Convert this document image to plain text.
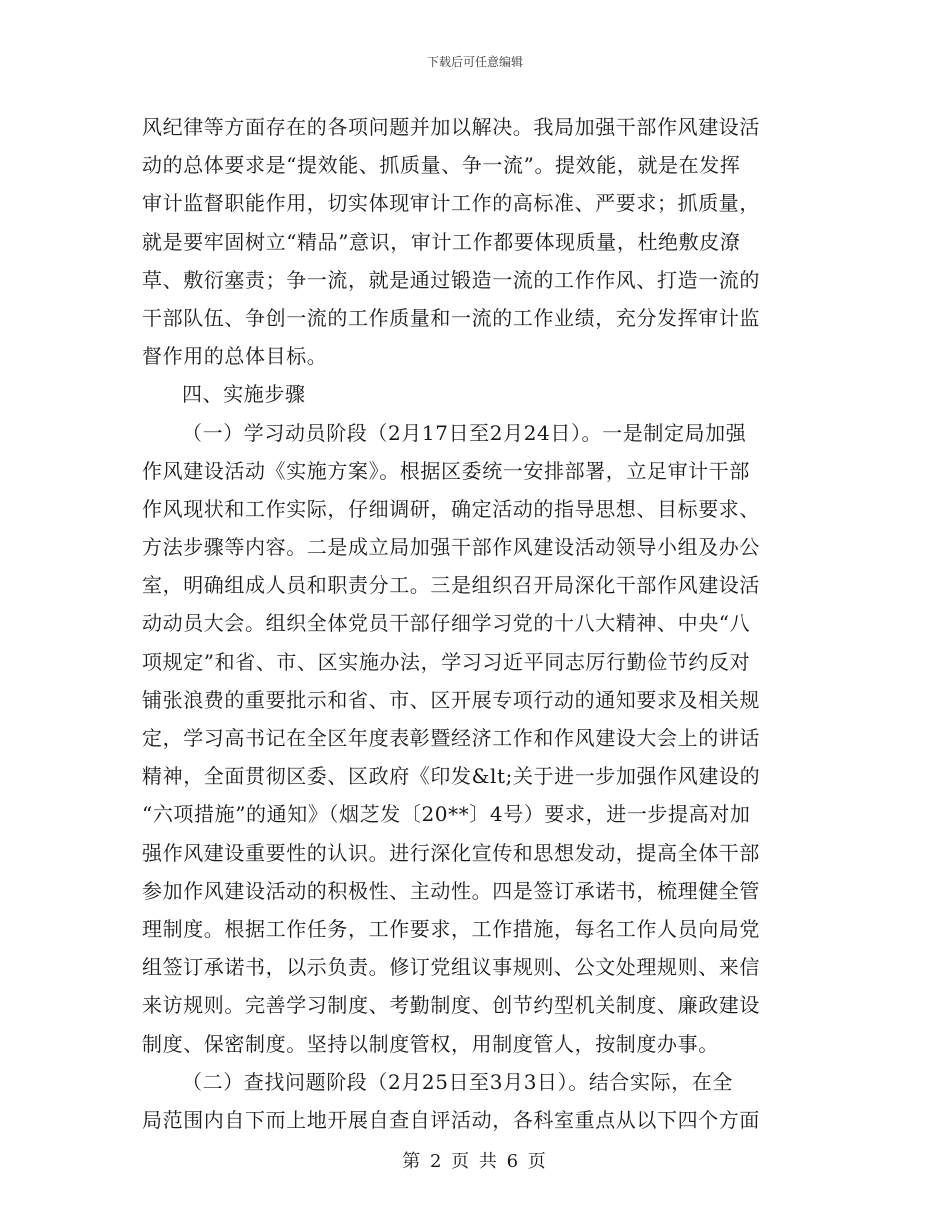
下载后可任意编辑
风纪律等方面存在的各项问题并加以解决。我局加强干部作风建设活
动的总体要求是“提效能、抓质量、争一流”。提效能，就是在发挥
审计监督职能作用，切实体现审计工作的高标准、严要求；抓质量，
就是要牢固树立“精品”意识，审计工作都要体现质量，杜绝敷皮潦
草、敷衍塞责；争一流，就是通过锻造一流的工作作风、打造一流的
干部队伍、争创一流的工作质量和一流的工作业绩，充分发挥审计监
督作用的总体目标。
四、实施步骤
（一）学习动员阶段（2月17日至2月24日）。一是制定局加强
作风建设活动《实施方案》。根据区委统一安排部署，立足审计干部
作风现状和工作实际，仔细调研，确定活动的指导思想、目标要求、
方法步骤等内容。二是成立局加强干部作风建设活动领导小组及办公
室，明确组成人员和职责分工。三是组织召开局深化干部作风建设活
动动员大会。组织全体党员干部仔细学习党的十八大精神、中央“八
项规定”和省、市、区实施办法，学习习近平同志厉行勤俭节约反对
铺张浪费的重要批示和省、市、区开展专项行动的通知要求及相关规
定，学习高书记在全区年度表彰暨经济工作和作风建设大会上的讲话
精神，全面贯彻区委、区政府《印发&lt;关于进一步加强作风建设的
“六项措施”的通知》（烟芝发〔20**〕4号）要求，进一步提高对加
强作风建设重要性的认识。进行深化宣传和思想发动，提高全体干部
参加作风建设活动的积极性、主动性。四是签订承诺书，梳理健全管
理制度。根据工作任务，工作要求，工作措施，每名工作人员向局党
组签订承诺书，以示负责。修订党组议事规则、公文处理规则、来信
来访规则。完善学习制度、考勤制度、创节约型机关制度、廉政建设
制度、保密制度。坚持以制度管权，用制度管人，按制度办事。
（二）查找问题阶段（2月25日至3月3日）。结合实际，在全
局范围内自下而上地开展自查自评活动，各科室重点从以下四个方面
第 2 页 共 6 页
